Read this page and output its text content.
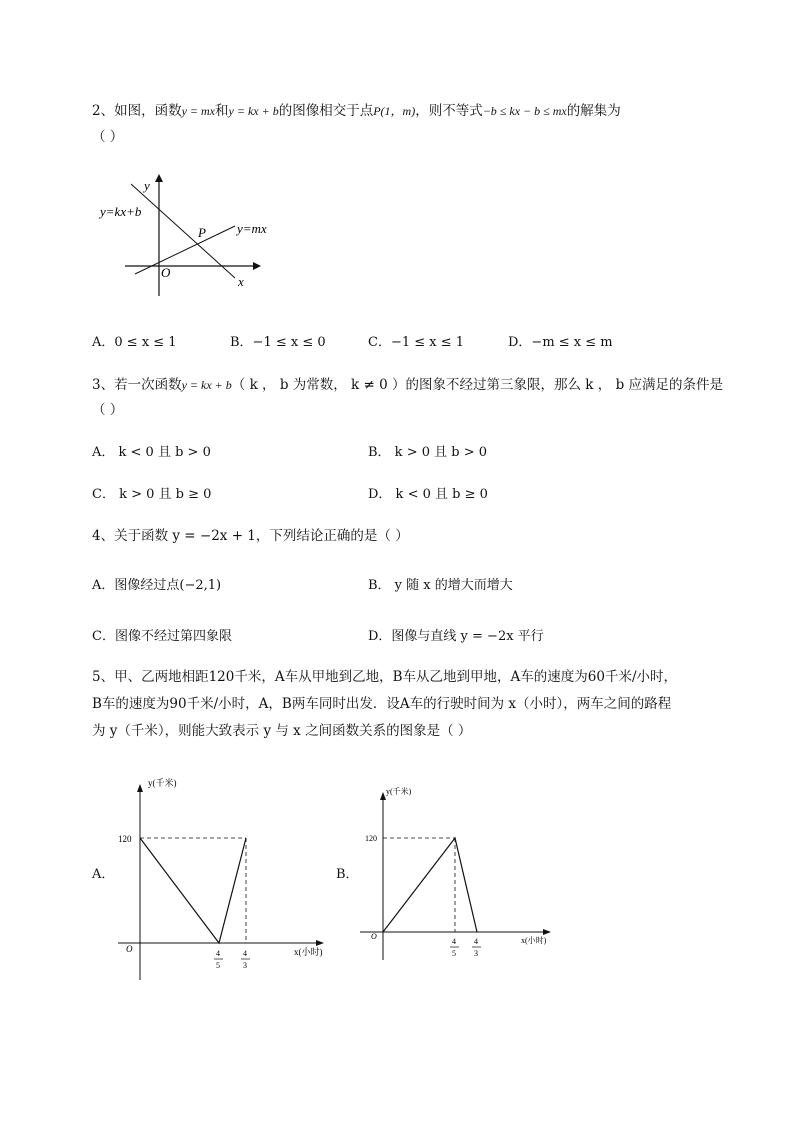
2、如图，函数y = mx和y = kx + b的图像相交于点P(1，m)，则不等式−b ≤ kx − b ≤ mx的解集为
（ ）
y
x
O
P
y=kx+b
y=mx
A．0 ≤ x ≤ 1	B．−1 ≤ x ≤ 0	C．−1 ≤ x ≤ 1	D．−m ≤ x ≤ m
3、若一次函数y = kx + b（ k ， b 为常数， k ≠ 0 ）的图象不经过第三象限，那么 k ， b 应满足的条件是
（ ）
A． k < 0 且 b > 0	B． k > 0 且 b > 0
C． k > 0 且 b ≥ 0	D． k < 0 且 b ≥ 0
4、关于函数 y = −2x + 1，下列结论正确的是（ ）
A．图像经过点(−2,1)	B． y 随 x 的增大而增大
C．图像不经过第四象限	D．图像与直线 y = −2x 平行
5、甲、乙两地相距120千米，A车从甲地到乙地，B车从乙地到甲地，A车的速度为60千米/小时，
B车的速度为90千米/小时，A，B两车同时出发．设A车的行驶时间为 x（小时），两车之间的路程
为 y（千米），则能大致表示 y 与 x 之间函数关系的图象是（ ）
A．
y(千米)
x(小时)
O
120
4
5
4
3
B．
y(千米)
x(小时)
O
120
4
5
4
3
